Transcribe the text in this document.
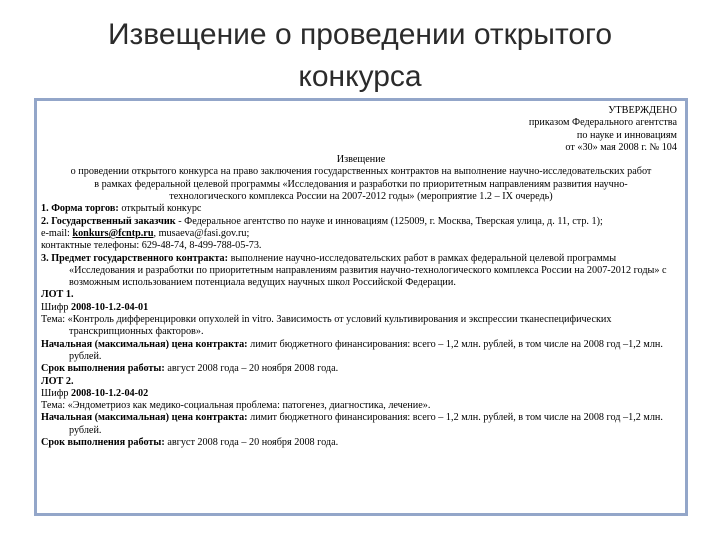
Извещение о проведении открытого
конкурса
УТВЕРЖДЕНО
приказом Федерального агентства
по науке и инновациям
от «30» мая 2008 г. № 104
Извещение
о проведении открытого конкурса на право заключения государственных контрактов на выполнение научно-исследовательских работ в рамках федеральной целевой программы «Исследования и разработки по приоритетным направлениям развития научно-технологического комплекса России на 2007-2012 годы» (мероприятие 1.2 – IX очередь)

1. Форма торгов: открытый конкурс

2. Государственный заказчик - Федеральное агентство по науке и инновациям (125009, г. Москва, Тверская улица, д. 11, стр. 1);

e-mail: konkurs@fcntp.ru, musaeva@fasi.gov.ru;

контактные телефоны: 629-48-74, 8-499-788-05-73.

3. Предмет государственного контракта: выполнение научно-исследовательских работ в рамках федеральной целевой программы «Исследования и разработки по приоритетным направлениям развития научно-технологического комплекса России на 2007-2012 годы» с возможным использованием потенциала ведущих научных школ Российской Федерации.

ЛОТ 1.

Шифр 2008-10-1.2-04-01

Тема: «Контроль дифференцировки опухолей in vitro. Зависимость от условий культивирования и экспрессии тканеспецифических транскрипционных факторов».

Начальная (максимальная) цена контракта: лимит бюджетного финансирования: всего – 1,2 млн. рублей, в том числе на 2008 год –1,2 млн. рублей.

Срок выполнения работы: август 2008 года – 20 ноября 2008 года.

ЛОТ 2.

Шифр 2008-10-1.2-04-02

Тема: «Эндометриоз как медико-социальная проблема: патогенез, диагностика, лечение».

Начальная (максимальная) цена контракта: лимит бюджетного финансирования: всего – 1,2 млн. рублей, в том числе на 2008 год –1,2 млн. рублей.

Срок выполнения работы: август 2008 года – 20 ноября 2008 года.
